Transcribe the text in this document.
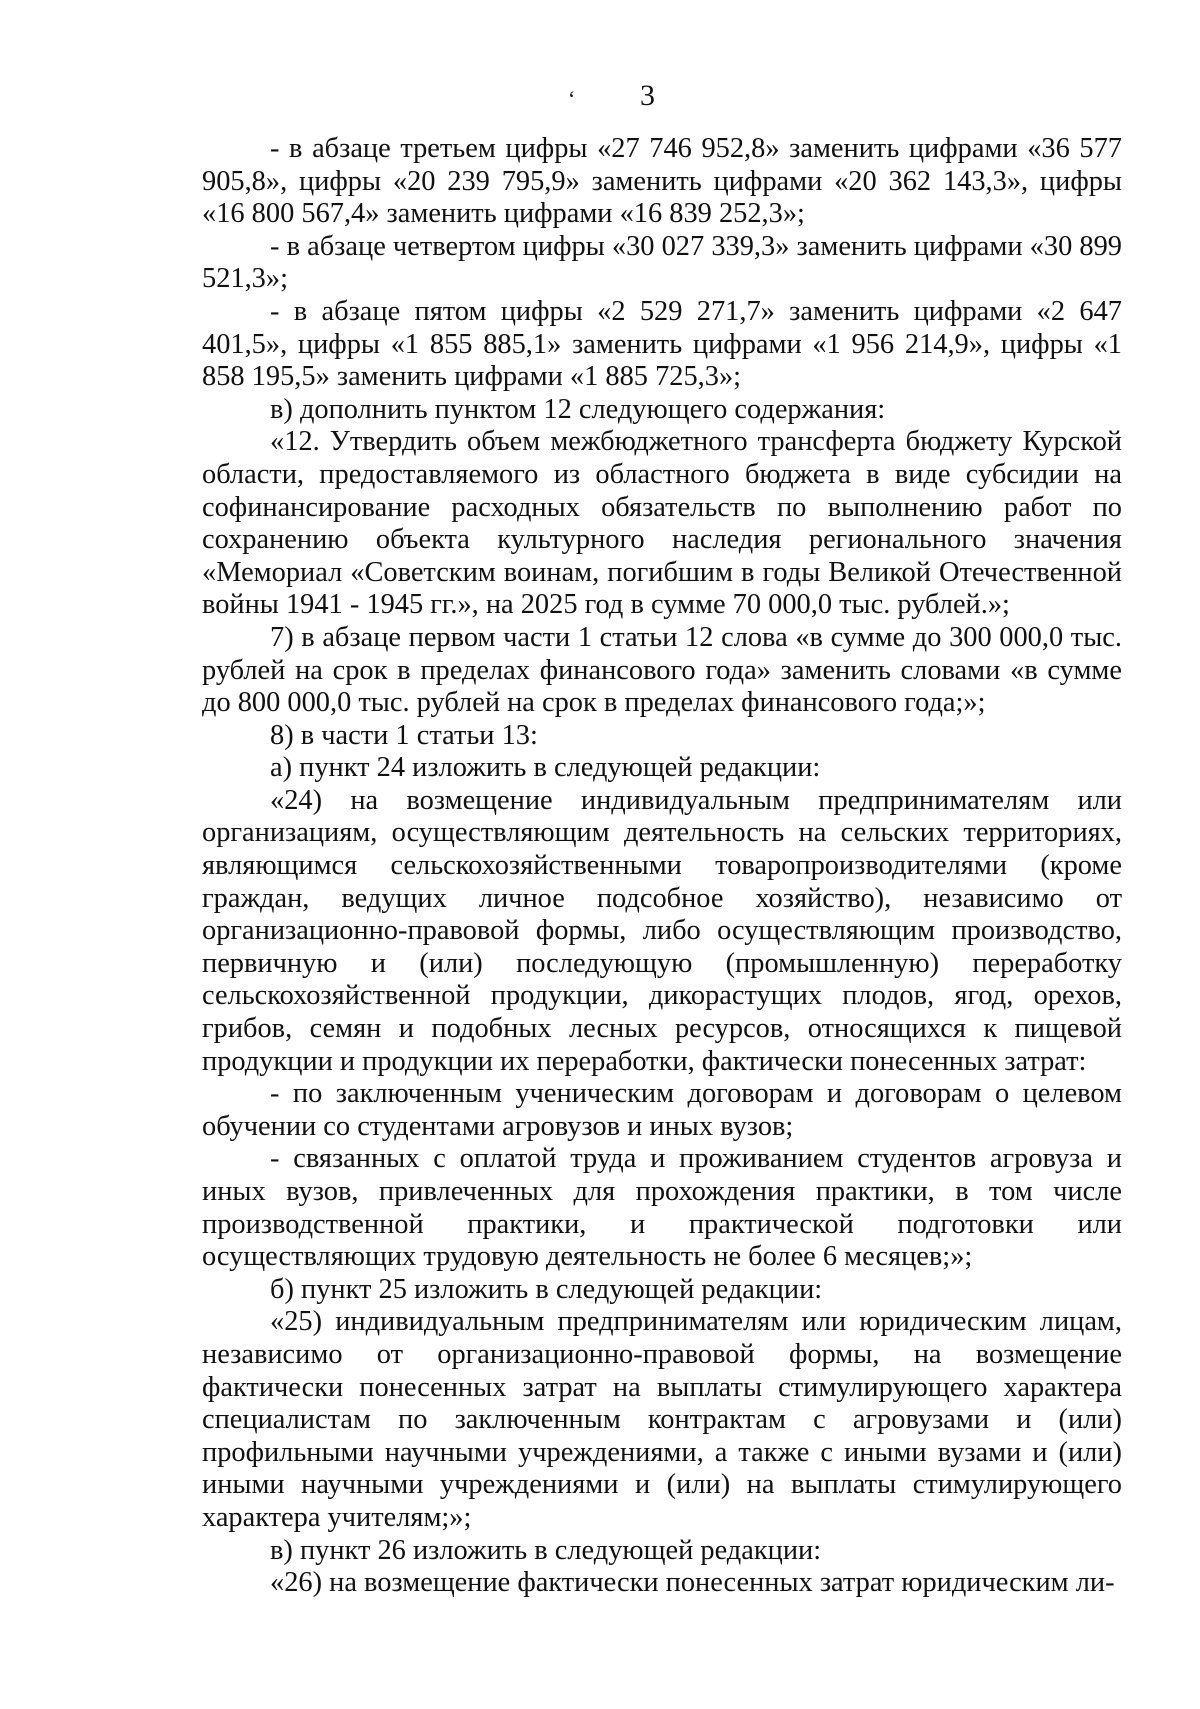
‘ 3

- в абзаце третьем цифры «27 746 952,8» заменить цифрами «36 577 905,8», цифры «20 239 795,9» заменить цифрами «20 362 143,3», цифры «16 800 567,4» заменить цифрами «16 839 252,3»;

- в абзаце четвертом цифры «30 027 339,3» заменить цифрами «30 899 521,3»;

- в абзаце пятом цифры «2 529 271,7» заменить цифрами «2 647 401,5», цифры «1 855 885,1» заменить цифрами «1 956 214,9», цифры «1 858 195,5» заменить цифрами «1 885 725,3»;

в) дополнить пунктом 12 следующего содержания:

«12. Утвердить объем межбюджетного трансферта бюджету Курской области, предоставляемого из областного бюджета в виде субсидии на софинансирование расходных обязательств по выполнению работ по сохранению объекта культурного наследия регионального значения «Мемориал «Советским воинам, погибшим в годы Великой Отечественной войны 1941 - 1945 гг.», на 2025 год в сумме 70 000,0 тыс. рублей.»;

7) в абзаце первом части 1 статьи 12 слова «в сумме до 300 000,0 тыс. рублей на срок в пределах финансового года» заменить словами «в сумме до 800 000,0 тыс. рублей на срок в пределах финансового года;»;

8) в части 1 статьи 13:

а) пункт 24 изложить в следующей редакции:

«24) на возмещение индивидуальным предпринимателям или организациям, осуществляющим деятельность на сельских территориях, являющимся сельскохозяйственными товаропроизводителями (кроме граждан, ведущих личное подсобное хозяйство), независимо от организационно-правовой формы, либо осуществляющим производство, первичную и (или) последующую (промышленную) переработку сельскохозяйственной продукции, дикорастущих плодов, ягод, орехов, грибов, семян и подобных лесных ресурсов, относящихся к пищевой продукции и продукции их переработки, фактически понесенных затрат:

- по заключенным ученическим договорам и договорам о целевом обучении со студентами агровузов и иных вузов;

- связанных с оплатой труда и проживанием студентов агровуза и иных вузов, привлеченных для прохождения практики, в том числе производственной практики, и практической подготовки или осуществляющих трудовую деятельность не более 6 месяцев;»;

б) пункт 25 изложить в следующей редакции:

«25) индивидуальным предпринимателям или юридическим лицам, независимо от организационно-правовой формы, на возмещение фактически понесенных затрат на выплаты стимулирующего характера специалистам по заключенным контрактам с агровузами и (или) профильными научными учреждениями, а также с иными вузами и (или) иными научными учреждениями и (или) на выплаты стимулирующего характера учителям;»;

в) пункт 26 изложить в следующей редакции:

«26) на возмещение фактически понесенных затрат юридическим ли-
